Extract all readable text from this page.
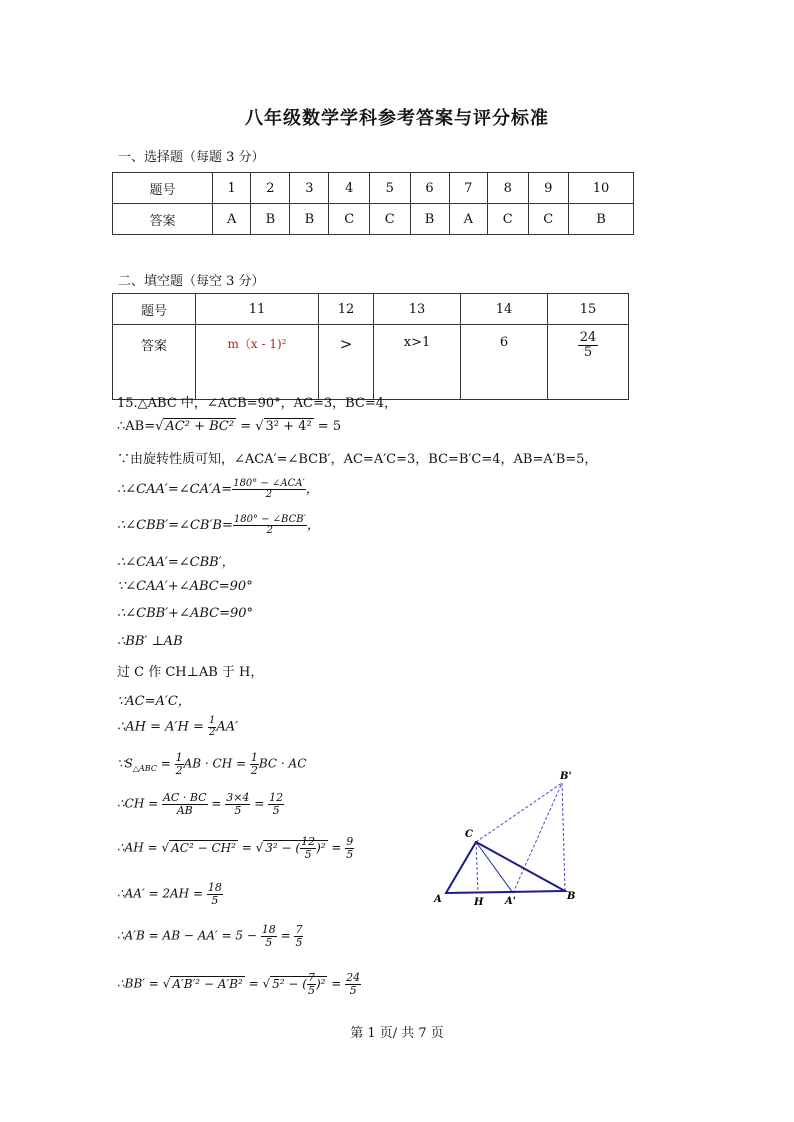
八年级数学学科参考答案与评分标准
一、选择题（每题 3 分）
题号	1	2	3	4	5	6	7	8	9	10
答案	A	B	B	C	C	B	A	C	C	B
二、填空题（每空 3 分）
题号	11	12	13	14	15
答案	m（x - 1)²	>	x>1	6	$\frac{24}{5}$
15.△ABC 中，∠ACB=90°，AC=3，BC=4，
∴AB=√ AC² + BC² = √ 3² + 4² = 5
∵由旋转性质可知，∠ACA′=∠BCB′，AC=A′C=3，BC=B′C=4，AB=A′B=5，
∴∠CAA′=∠CA′A= 180° − ∠ACA′
2	，
∴∠CBB′=∠CB′B= 180° − ∠BCB′
2	，
∴∠CAA′=∠CBB′，
∵∠CAA′+∠ABC=90°
∴∠CBB′+∠ABC=90°
∴BB′ ⊥AB
过 C 作 CH⊥AB 于 H，
∵AC=A′C，
∴AH = $A'H = \frac{1}{2} AA'$
$\because S_{\triangle ABC} = \frac{1}{2}$ AB · CH = $\frac{1}{2}$ BC · AC
∴CH = $\frac{AC \cdot BC}{AB} = \frac{3\times 4}{5} = \frac{12}{5}$
∴AH = √ AC² − CH² = √ 3² − ( $\frac{12}{5} )^2 = \frac{9}{5}$
∴AA′ = $2AH = \frac{18}{5}$
∴A′B = AB − $AA' = 5 - \frac{18}{5} = \frac{7}{5}$
∴BB′ = √ A′B′² − A′B² = √ 5² − ( $\frac{7}{5} )^2 = \frac{24}{5}$
A	B
C
H A'
B'
第 1 页/ 共 7 页
